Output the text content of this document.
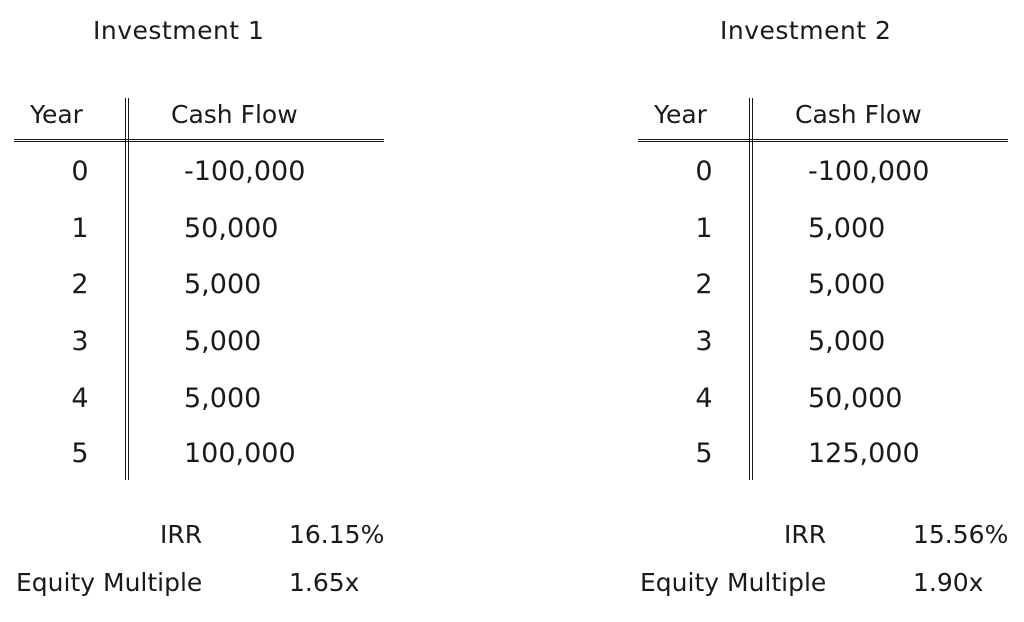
Investment 1
Year	Cash Flow
0	-100,000
1	50,000
2	5,000
3	5,000
4	5,000
5	100,000
IRR	16.15%
Equity Multiple	1.65x
Investment 2
Year	Cash Flow
0	-100,000
1	5,000
2	5,000
3	5,000
4	50,000
5	125,000
IRR	15.56%
Equity Multiple	1.90x
